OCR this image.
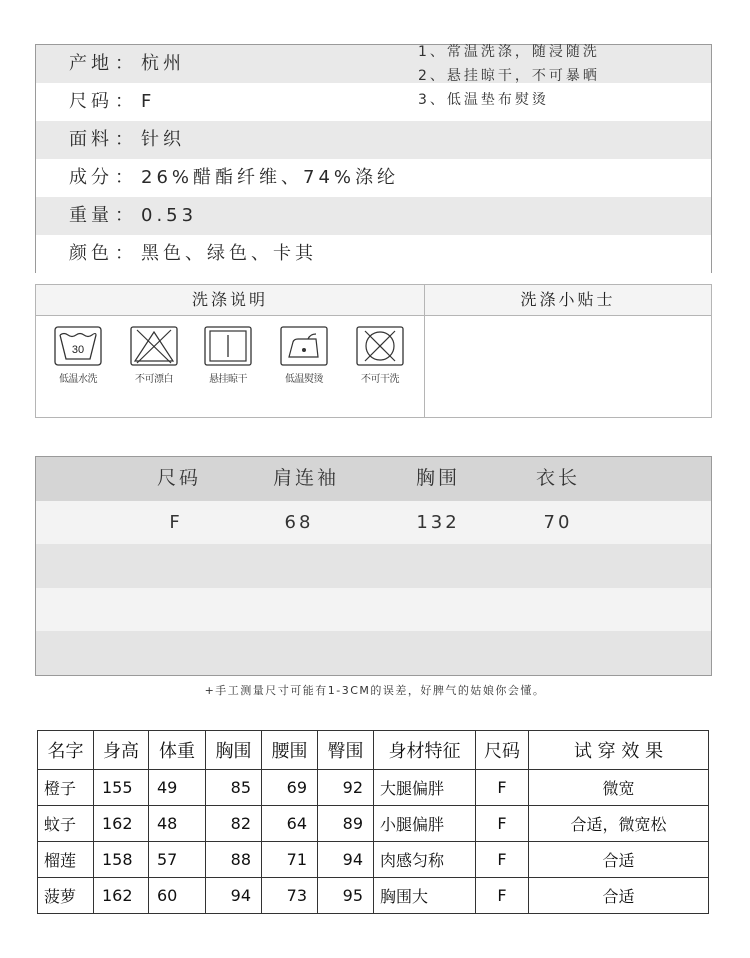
产地 ： 杭州
尺码 ： F
面料 ： 针织
成分 ： 26%醋酯纤维、74%涤纶
重量 ： 0.53
颜色 ： 黑色、绿色、卡其
洗涤说明	洗涤小贴士
30
低温水洗	不可漂白	悬挂晾干	低温熨烫	不可干洗
1、常温洗涤，随浸随洗
2、悬挂晾干，不可暴晒
3、低温垫布熨烫
尺码	肩连袖	胸围	衣长
F	68	132	70
+手工测量尺寸可能有1-3CM的误差，好脾气的姑娘你会懂。
名字	身高	体重	胸围	腰围	臀围	身材特征	尺码	试 穿 效 果
橙子	155	49	85	69	92	大腿偏胖	F	微宽
蚊子	162	48	82	64	89	小腿偏胖	F	合适，微宽松
榴莲	158	57	88	71	94	肉感匀称	F	合适
菠萝	162	60	94	73	95	胸围大	F	合适
